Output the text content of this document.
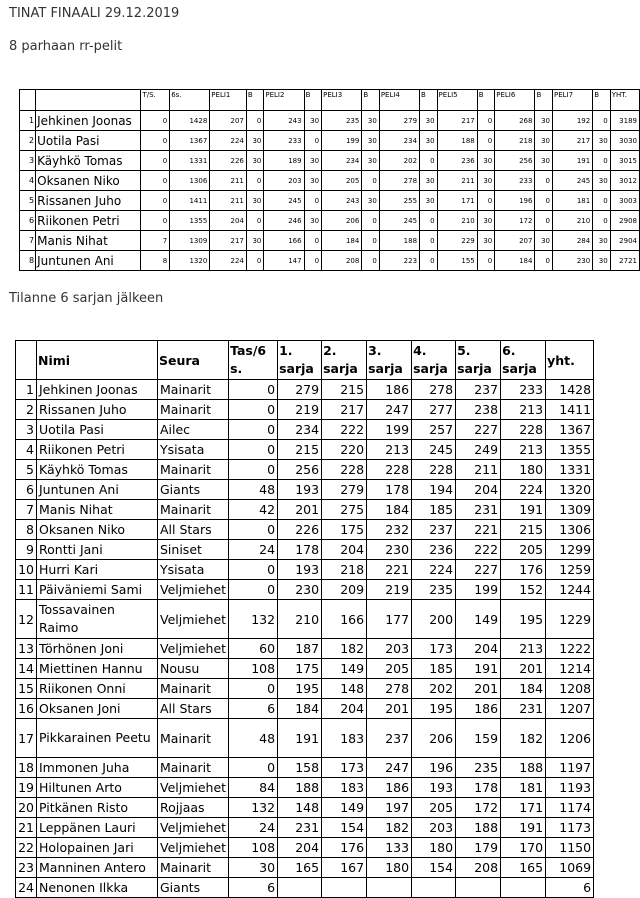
TINAT FINAALI 29.12.2019
8 parhaan rr-pelit
		T/S.	6s.	PELI1	B	PELI2	B	PELI3	B	PELI4	B	PELI5	B	PELI6	B	PELI7	B	YHT.
1	Jehkinen Joonas	0	1428	207	0	243	30	235	30	279	30	217	0	268	30	192	0	3189
2	Uotila Pasi	0	1367	224	30	233	0	199	30	234	30	188	0	218	30	217	30	3030
3	Käyhkö Tomas	0	1331	226	30	189	30	234	30	202	0	236	30	256	30	191	0	3015
4	Oksanen Niko	0	1306	211	0	203	30	205	0	278	30	211	30	233	0	245	30	3012
5	Rissanen Juho	0	1411	211	30	245	0	243	30	255	30	171	0	196	0	181	0	3003
6	Riikonen Petri	0	1355	204	0	246	30	206	0	245	0	210	30	172	0	210	0	2908
7	Manis Nihat	7	1309	217	30	166	0	184	0	188	0	229	30	207	30	284	30	2904
8	Juntunen Ani	8	1320	224	0	147	0	208	0	223	0	155	0	184	0	230	30	2721
Tilanne 6 sarjan jälkeen
	Nimi	Seura	Tas/6 s.	1. sarja	2. sarja	3. sarja	4. sarja	5. sarja	6. sarja	yht.
1	Jehkinen Joonas	Mainarit	0	279	215	186	278	237	233	1428
2	Rissanen Juho	Mainarit	0	219	217	247	277	238	213	1411
3	Uotila Pasi	Ailec	0	234	222	199	257	227	228	1367
4	Riikonen Petri	Ysisata	0	215	220	213	245	249	213	1355
5	Käyhkö Tomas	Mainarit	0	256	228	228	228	211	180	1331
6	Juntunen Ani	Giants	48	193	279	178	194	204	224	1320
7	Manis Nihat	Mainarit	42	201	275	184	185	231	191	1309
8	Oksanen Niko	All Stars	0	226	175	232	237	221	215	1306
9	Rontti Jani	Siniset	24	178	204	230	236	222	205	1299
10	Hurri Kari	Ysisata	0	193	218	221	224	227	176	1259
11	Päiväniemi Sami	Veljmiehet	0	230	209	219	235	199	152	1244
12	Tossavainen Raimo	Veljmiehet	132	210	166	177	200	149	195	1229
13	Törhönen Joni	Veljmiehet	60	187	182	203	173	204	213	1222
14	Miettinen Hannu	Nousu	108	175	149	205	185	191	201	1214
15	Riikonen Onni	Mainarit	0	195	148	278	202	201	184	1208
16	Oksanen Joni	All Stars	6	184	204	201	195	186	231	1207
17	Pikkarainen Peetu	Mainarit	48	191	183	237	206	159	182	1206
18	Immonen Juha	Mainarit	0	158	173	247	196	235	188	1197
19	Hiltunen Arto	Veljmiehet	84	188	183	186	193	178	181	1193
20	Pitkänen Risto	Rojjaas	132	148	149	197	205	172	171	1174
21	Leppänen Lauri	Veljmiehet	24	231	154	182	203	188	191	1173
22	Holopainen Jari	Veljmiehet	108	204	176	133	180	179	170	1150
23	Manninen Antero	Mainarit	30	165	167	180	154	208	165	1069
24	Nenonen Ilkka	Giants	6							6
